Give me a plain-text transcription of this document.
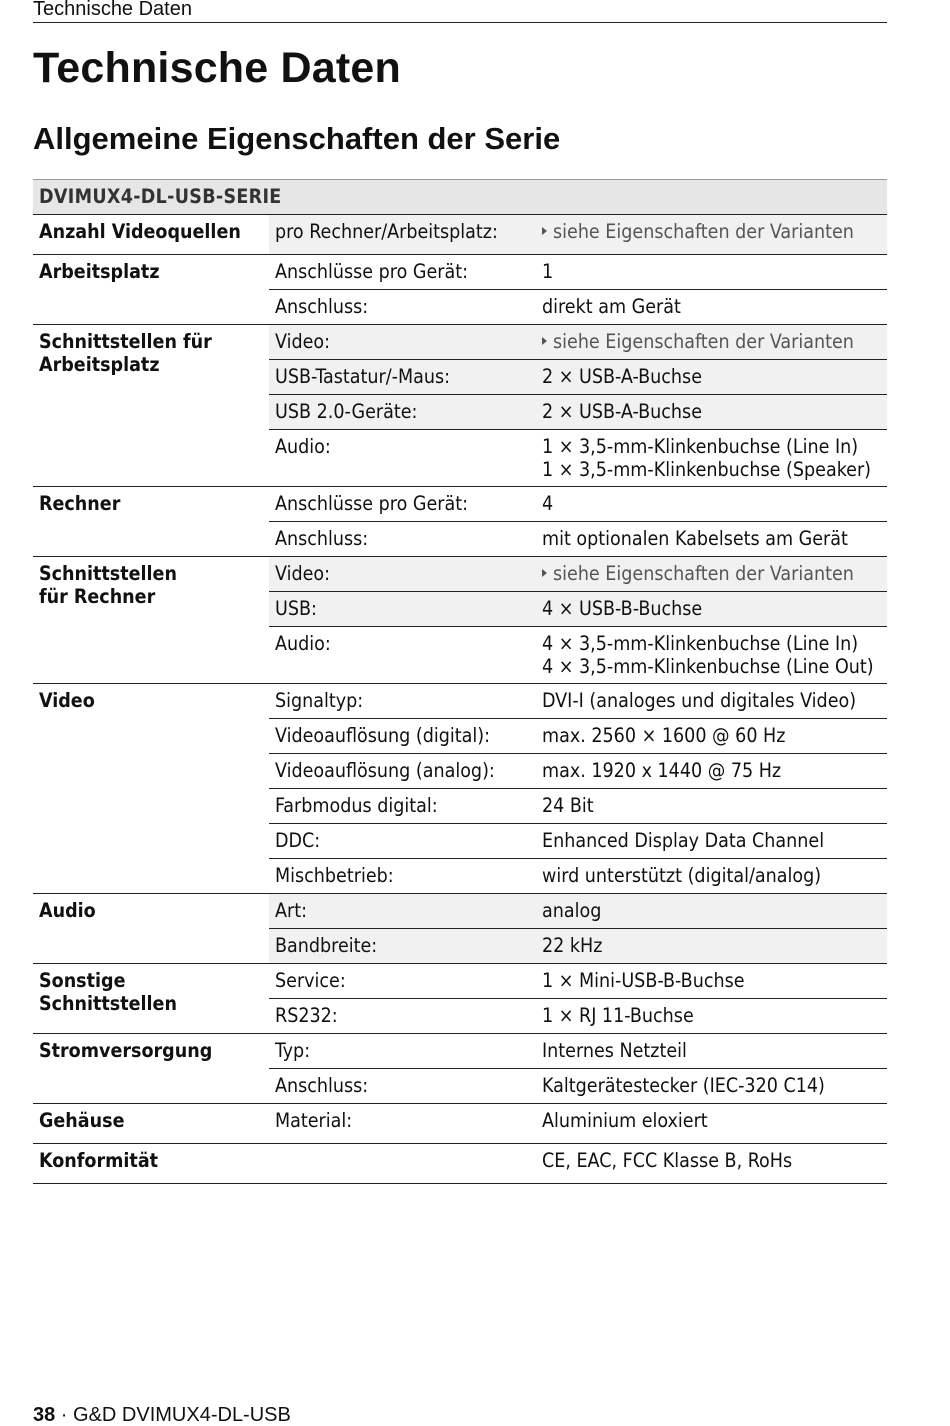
Technische Daten
Technische Daten
Allgemeine Eigenschaften der Serie
DVIMUX4-DL-USB-SERIE		
Anzahl Videoquellen	pro Rechner/Arbeitsplatz:	siehe Eigenschaften der Varianten
Arbeitsplatz	Anschlüsse pro Gerät:	1
	Anschluss:	direkt am Gerät
Schnittstellen für
Arbeitsplatz	Video:	siehe Eigenschaften der Varianten
	USB-Tastatur/-Maus:	2 × USB-A-Buchse
	USB 2.0-Geräte:	2 × USB-A-Buchse
	Audio:	1 × 3,5-mm-Klinkenbuchse (Line In)
1 × 3,5-mm-Klinkenbuchse (Speaker)
Rechner	Anschlüsse pro Gerät:	4
	Anschluss:	mit optionalen Kabelsets am Gerät
Schnittstellen
für Rechner	Video:	siehe Eigenschaften der Varianten
	USB:	4 × USB-B-Buchse
	Audio:	4 × 3,5-mm-Klinkenbuchse (Line In)
4 × 3,5-mm-Klinkenbuchse (Line Out)
Video	Signaltyp:	DVI-I (analoges und digitales Video)
	Videoauflösung (digital):	max. 2560 × 1600 @ 60 Hz
	Videoauflösung (analog):	max. 1920 x 1440 @ 75 Hz
	Farbmodus digital:	24 Bit
	DDC:	Enhanced Display Data Channel
	Mischbetrieb:	wird unterstützt (digital/analog)
Audio	Art:	analog
	Bandbreite:	22 kHz
Sonstige
Schnittstellen	Service:	1 × Mini-USB-B-Buchse
	RS232:	1 × RJ 11-Buchse
Stromversorgung	Typ:	Internes Netzteil
	Anschluss:	Kaltgerätestecker (IEC-320 C14)
Gehäuse	Material:	Aluminium eloxiert
Konformität		CE, EAC, FCC Klasse B, RoHs
38 · G&D DVIMUX4-DL-USB
